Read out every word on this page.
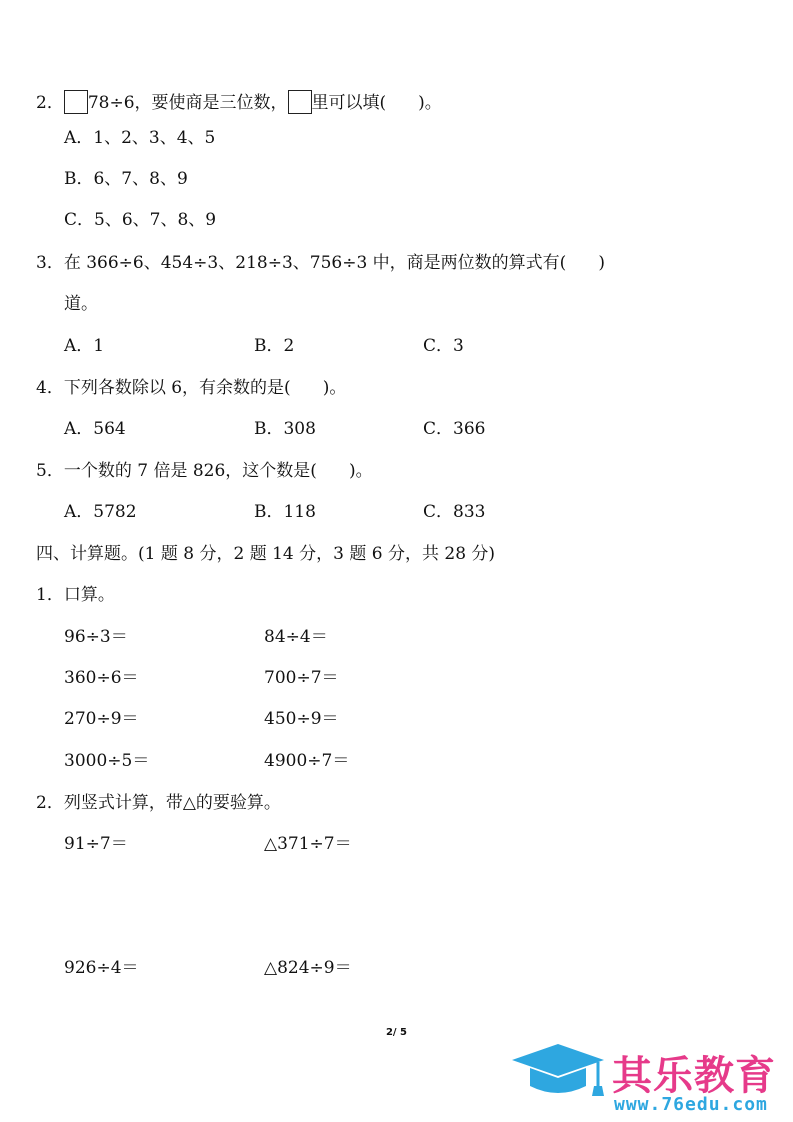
2． 78÷6，要使商是三位数， 里可以填( )。
A．1、2、3、4、5
B．6、7、8、9
C．5、6、7、8、9
3．在 366÷6、454÷3、218÷3、756÷3 中，商是两位数的算式有( )
道。
A．1	B．2	C．3
4．下列各数除以 6，有余数的是( )。
A．564	B．308	C．366
5．一个数的 7 倍是 826，这个数是( )。
A．5782	B．118	C．833
四、计算题。(1 题 8 分，2 题 14 分，3 题 6 分，共 28 分)
1．口算。
96÷3＝	84÷4＝
360÷6＝	700÷7＝
270÷9＝	450÷9＝
3000÷5＝	4900÷7＝
2．列竖式计算，带△的要验算。
91÷7＝	△371÷7＝
926÷4＝	△824÷9＝
2/ 5
其乐教育
www.76edu.com
